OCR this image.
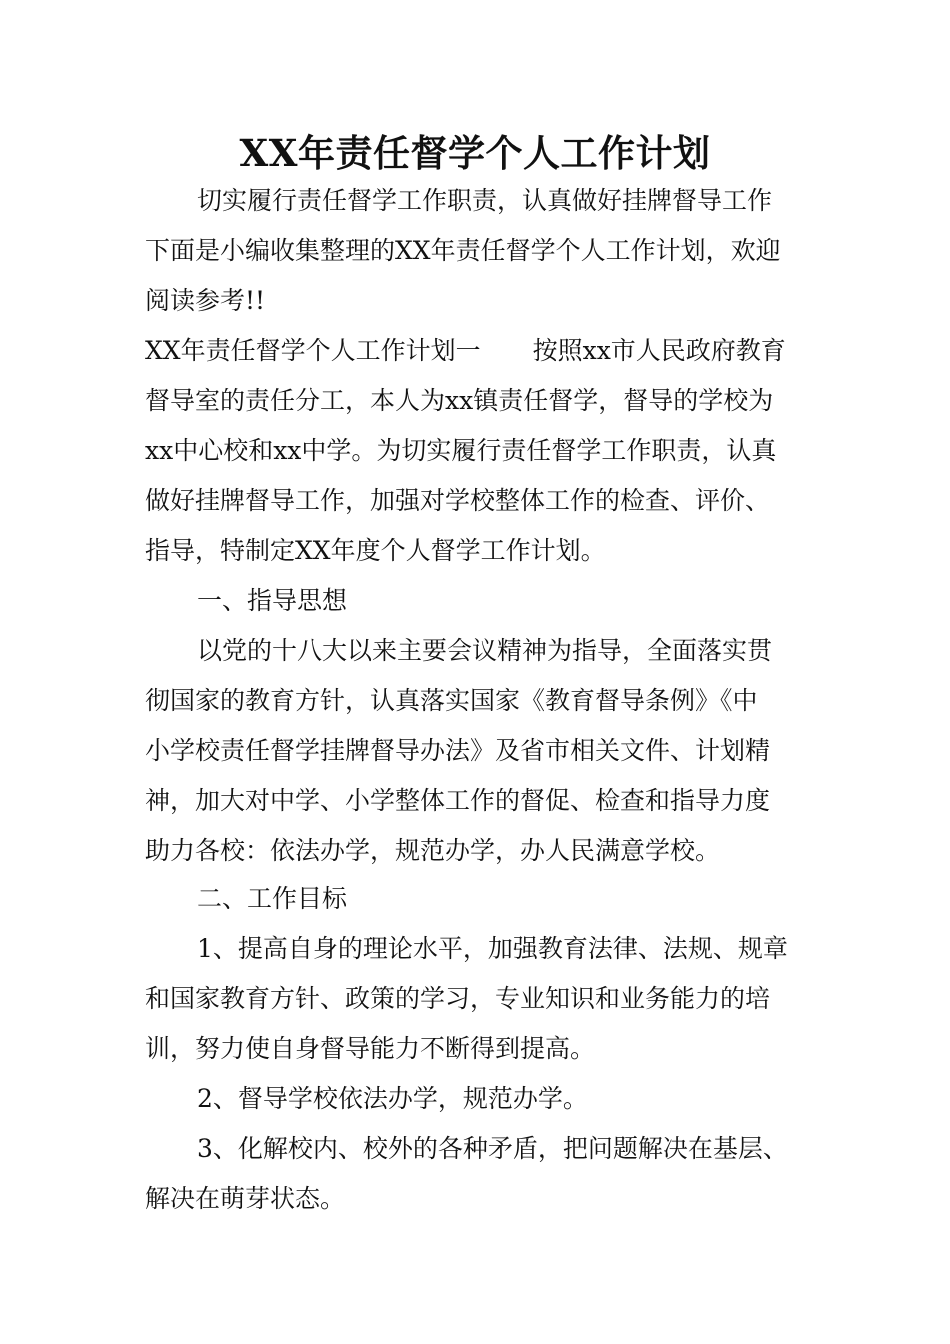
XX年责任督学个人工作计划
切实履行责任督学工作职责，认真做好挂牌督导工作
下面是小编收集整理的XX年责任督学个人工作计划，欢迎
阅读参考!!
XX年责任督学个人工作计划一 按照xx市人民政府教育
督导室的责任分工，本人为xx镇责任督学，督导的学校为
xx中心校和xx中学。为切实履行责任督学工作职责，认真
做好挂牌督导工作，加强对学校整体工作的检查、评价、
指导，特制定XX年度个人督学工作计划。
一、指导思想
以党的十八大以来主要会议精神为指导，全面落实贯
彻国家的教育方针，认真落实国家《教育督导条例》《中
小学校责任督学挂牌督导办法》及省市相关文件、计划精
神，加大对中学、小学整体工作的督促、检查和指导力度
助力各校：依法办学，规范办学，办人民满意学校。
二、工作目标
1、提高自身的理论水平，加强教育法律、法规、规章
和国家教育方针、政策的学习，专业知识和业务能力的培
训，努力使自身督导能力不断得到提高。
2、督导学校依法办学，规范办学。
3、化解校内、校外的各种矛盾，把问题解决在基层、
解决在萌芽状态。
